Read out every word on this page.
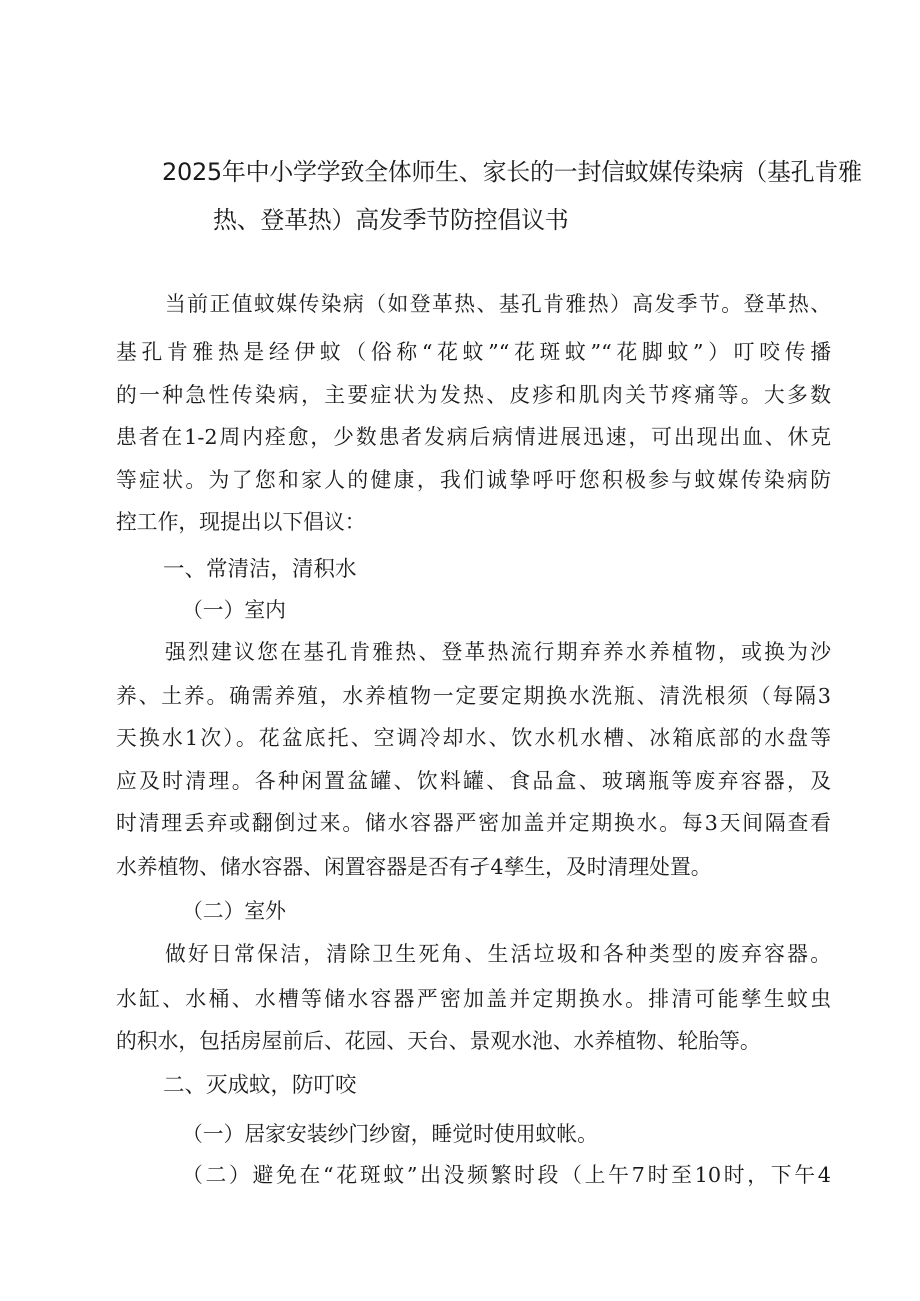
2025年中小学学致全体师生、家长的一封信蚊媒传染病（基孔肯雅
热、登革热）高发季节防控倡议书
当前正值蚊媒传染病（如登革热、基孔肯雅热）高发季节。登革热、
基孔肯雅热是经伊蚊（俗称“花蚊”“花斑蚊”“花脚蚊”）叮咬传播
的一种急性传染病，主要症状为发热、皮疹和肌肉关节疼痛等。大多数
患者在1-2周内痊愈，少数患者发病后病情进展迅速，可出现出血、休克
等症状。为了您和家人的健康，我们诚挚呼吁您积极参与蚊媒传染病防
控工作，现提出以下倡议：
一、常清洁，清积水
（一）室内
强烈建议您在基孔肯雅热、登革热流行期弃养水养植物，或换为沙
养、土养。确需养殖，水养植物一定要定期换水洗瓶、清洗根须（每隔3
天换水1次）。花盆底托、空调冷却水、饮水机水槽、冰箱底部的水盘等
应及时清理。各种闲置盆罐、饮料罐、食品盒、玻璃瓶等废弃容器，及
时清理丢弃或翻倒过来。储水容器严密加盖并定期换水。每3天间隔查看
水养植物、储水容器、闲置容器是否有孑4孳生，及时清理处置。
（二）室外
做好日常保洁，清除卫生死角、生活垃圾和各种类型的废弃容器。
水缸、水桶、水槽等储水容器严密加盖并定期换水。排清可能孳生蚊虫
的积水，包括房屋前后、花园、天台、景观水池、水养植物、轮胎等。
二、灭成蚊，防叮咬
（一）居家安装纱门纱窗，睡觉时使用蚊帐。
（二）避免在“花斑蚊”出没频繁时段（上午7时至10时，下午4
